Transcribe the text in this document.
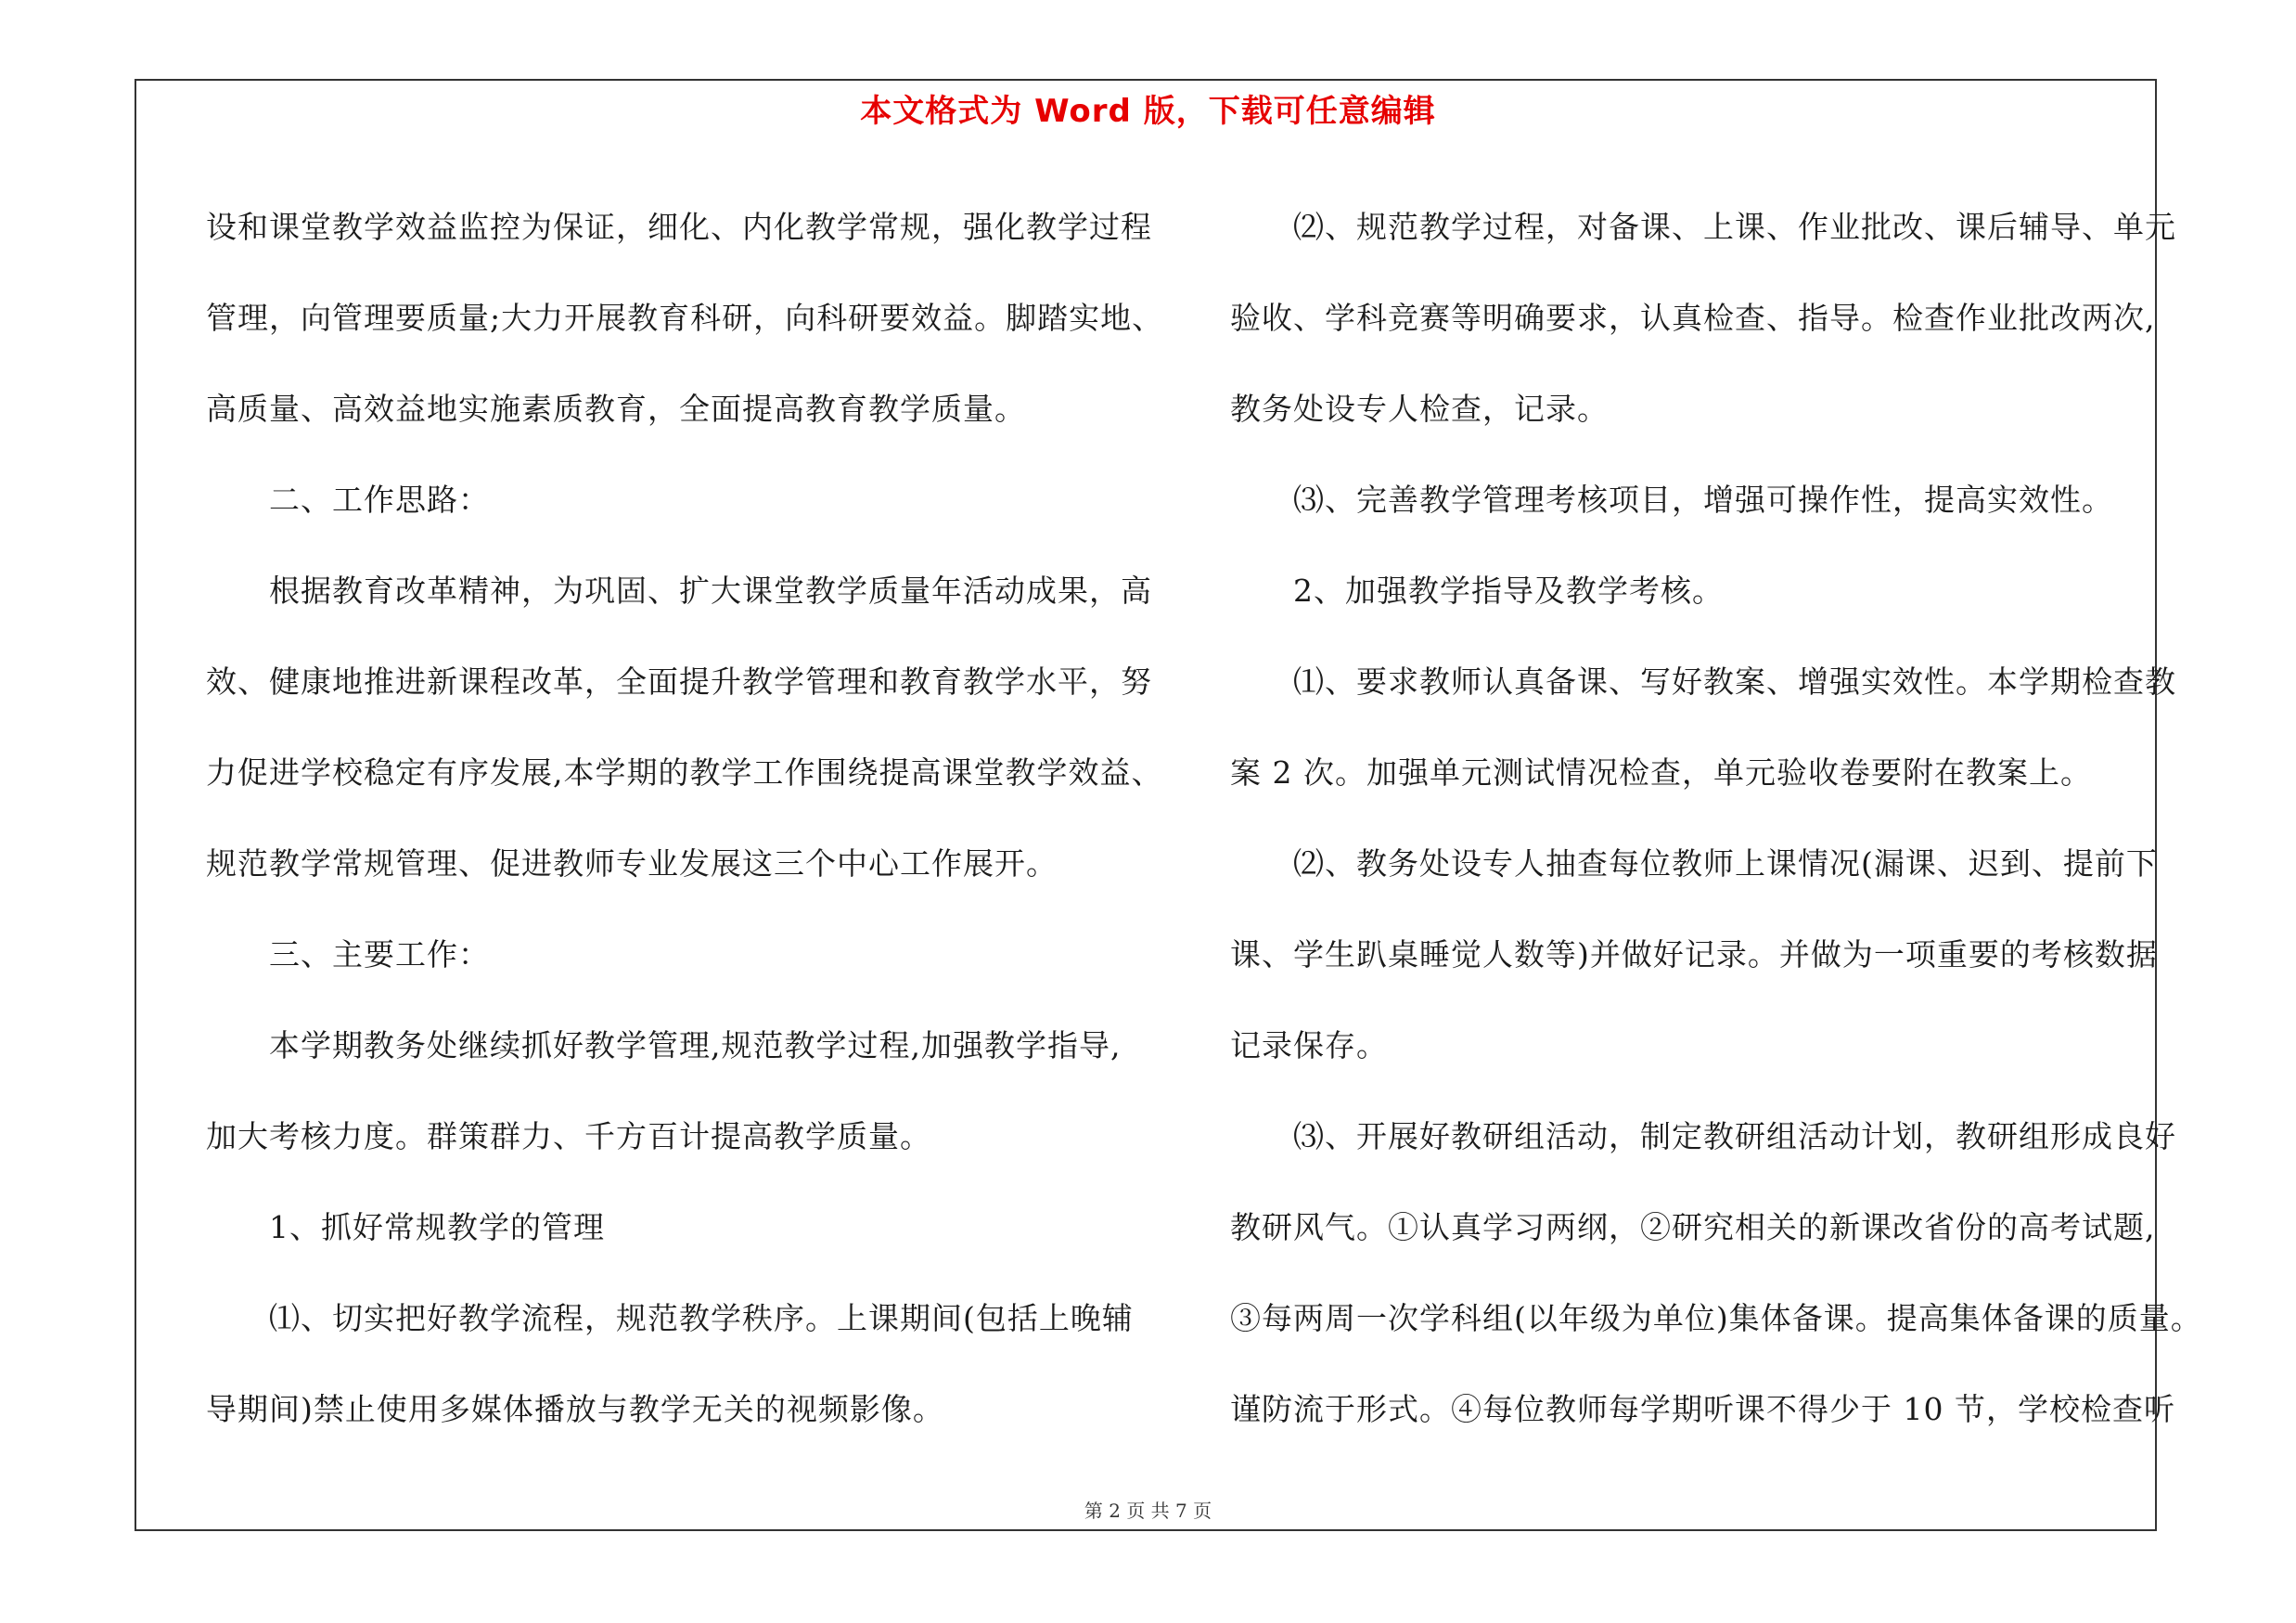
本文格式为 Word 版，下载可任意编辑
设和课堂教学效益监控为保证，细化、内化教学常规，强化教学过程
管理，向管理要质量;大力开展教育科研，向科研要效益。脚踏实地、
高质量、高效益地实施素质教育，全面提高教育教学质量。
二、工作思路：
根据教育改革精神，为巩固、扩大课堂教学质量年活动成果，高
效、健康地推进新课程改革，全面提升教学管理和教育教学水平，努
力促进学校稳定有序发展,本学期的教学工作围绕提高课堂教学效益、
规范教学常规管理、促进教师专业发展这三个中心工作展开。
三、主要工作：
本学期教务处继续抓好教学管理,规范教学过程,加强教学指导,
加大考核力度。群策群力、千方百计提高教学质量。
1、抓好常规教学的管理
⑴、切实把好教学流程，规范教学秩序。上课期间(包括上晚辅
导期间)禁止使用多媒体播放与教学无关的视频影像。
⑵、规范教学过程，对备课、上课、作业批改、课后辅导、单元
验收、学科竞赛等明确要求，认真检查、指导。检查作业批改两次,
教务处设专人检查，记录。
⑶、完善教学管理考核项目，增强可操作性，提高实效性。
2、加强教学指导及教学考核。
⑴、要求教师认真备课、写好教案、增强实效性。本学期检查教
案 2 次。加强单元测试情况检查，单元验收卷要附在教案上。
⑵、教务处设专人抽查每位教师上课情况(漏课、迟到、提前下
课、学生趴桌睡觉人数等)并做好记录。并做为一项重要的考核数据
记录保存。
⑶、开展好教研组活动，制定教研组活动计划，教研组形成良好
教研风气。①认真学习两纲，②研究相关的新课改省份的高考试题,
③每两周一次学科组(以年级为单位)集体备课。提高集体备课的质量。
谨防流于形式。④每位教师每学期听课不得少于 10 节，学校检查听
第 2 页 共 7 页
